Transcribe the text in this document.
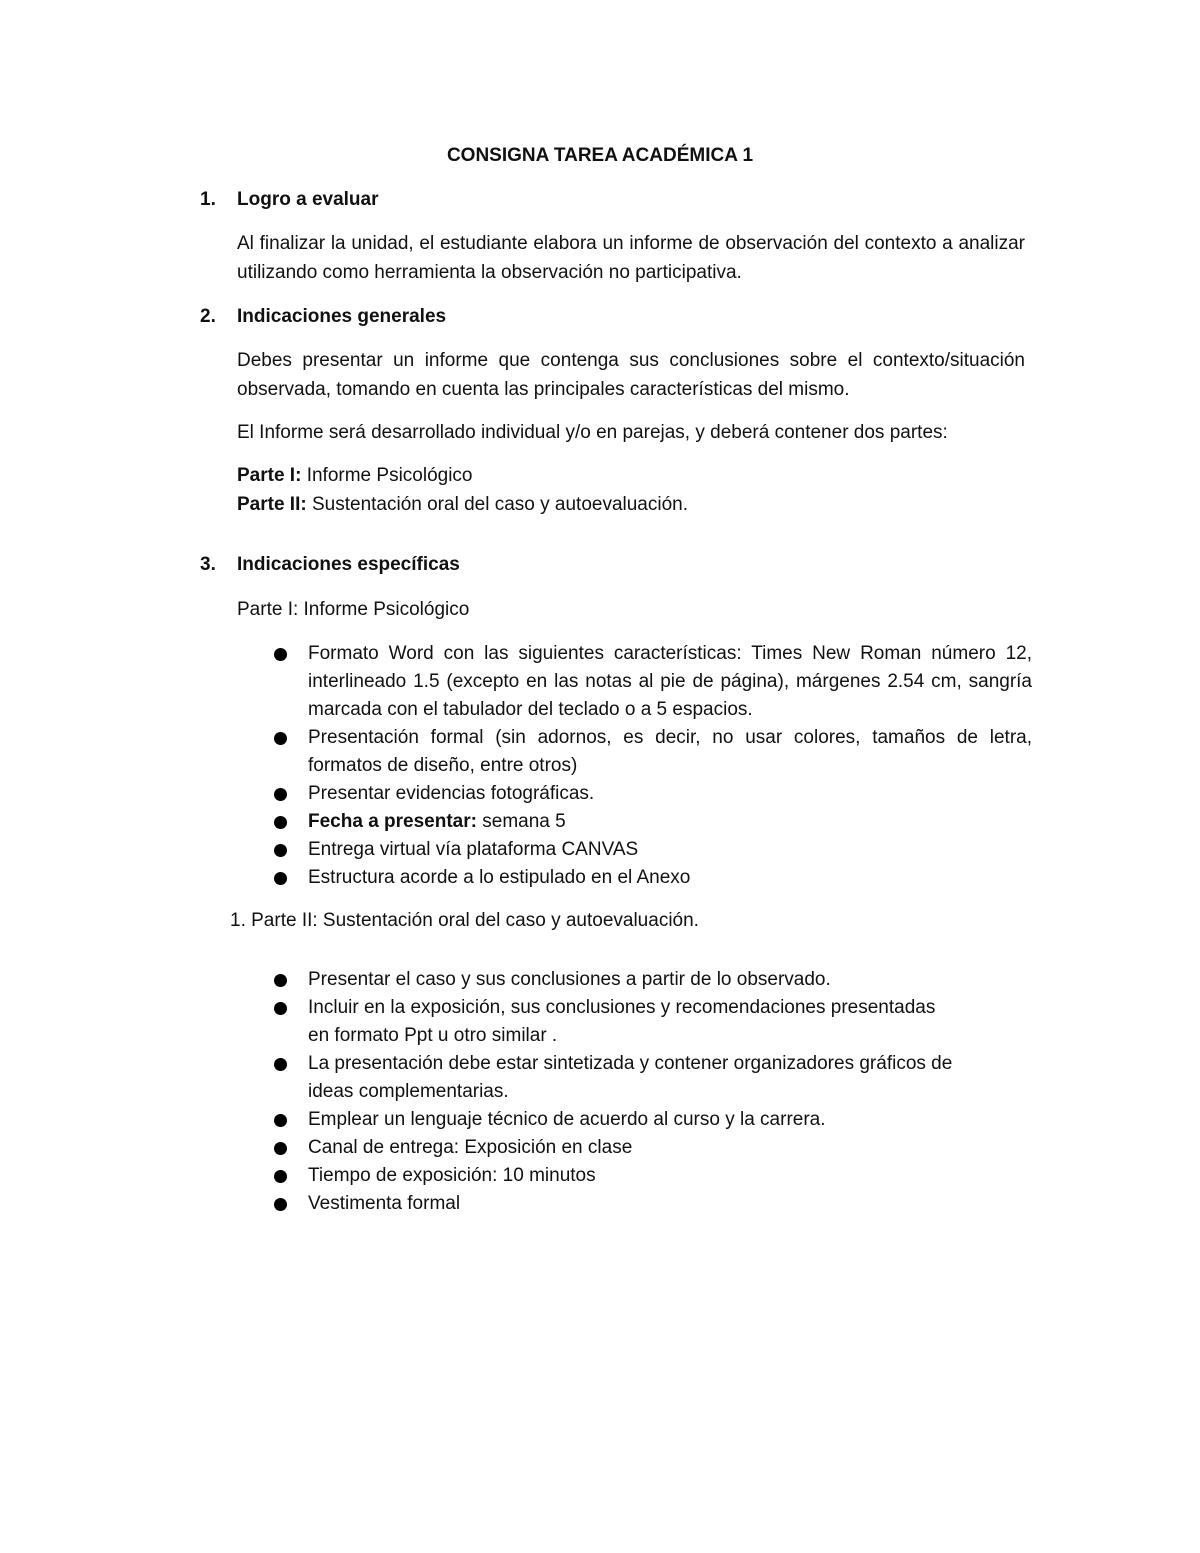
CONSIGNA TAREA ACADÉMICA 1
1. Logro a evaluar
Al finalizar la unidad, el estudiante elabora un informe de observación del contexto a analizar utilizando como herramienta la observación no participativa.
2. Indicaciones generales
Debes presentar un informe que contenga sus conclusiones sobre el contexto/situación observada, tomando en cuenta las principales características del mismo.
El Informe será desarrollado individual y/o en parejas, y deberá contener dos partes:
Parte I: Informe Psicológico
Parte II: Sustentación oral del caso y autoevaluación.
3. Indicaciones específicas
Parte I: Informe Psicológico
Formato Word con las siguientes características: Times New Roman número 12, interlineado 1.5 (excepto en las notas al pie de página), márgenes 2.54 cm, sangría marcada con el tabulador del teclado o a 5 espacios.
Presentación formal (sin adornos, es decir, no usar colores, tamaños de letra, formatos de diseño, entre otros)
Presentar evidencias fotográficas.
Fecha a presentar: semana 5
Entrega virtual vía plataforma CANVAS
Estructura acorde a lo estipulado en el Anexo
1. Parte II: Sustentación oral del caso y autoevaluación.
Presentar el caso y sus conclusiones a partir de lo observado.
Incluir en la exposición, sus conclusiones y recomendaciones presentadas
en formato Ppt u otro similar .
La presentación debe estar sintetizada y contener organizadores gráficos de
ideas complementarias.
Emplear un lenguaje técnico de acuerdo al curso y la carrera.
Canal de entrega: Exposición en clase
Tiempo de exposición: 10 minutos
Vestimenta formal
